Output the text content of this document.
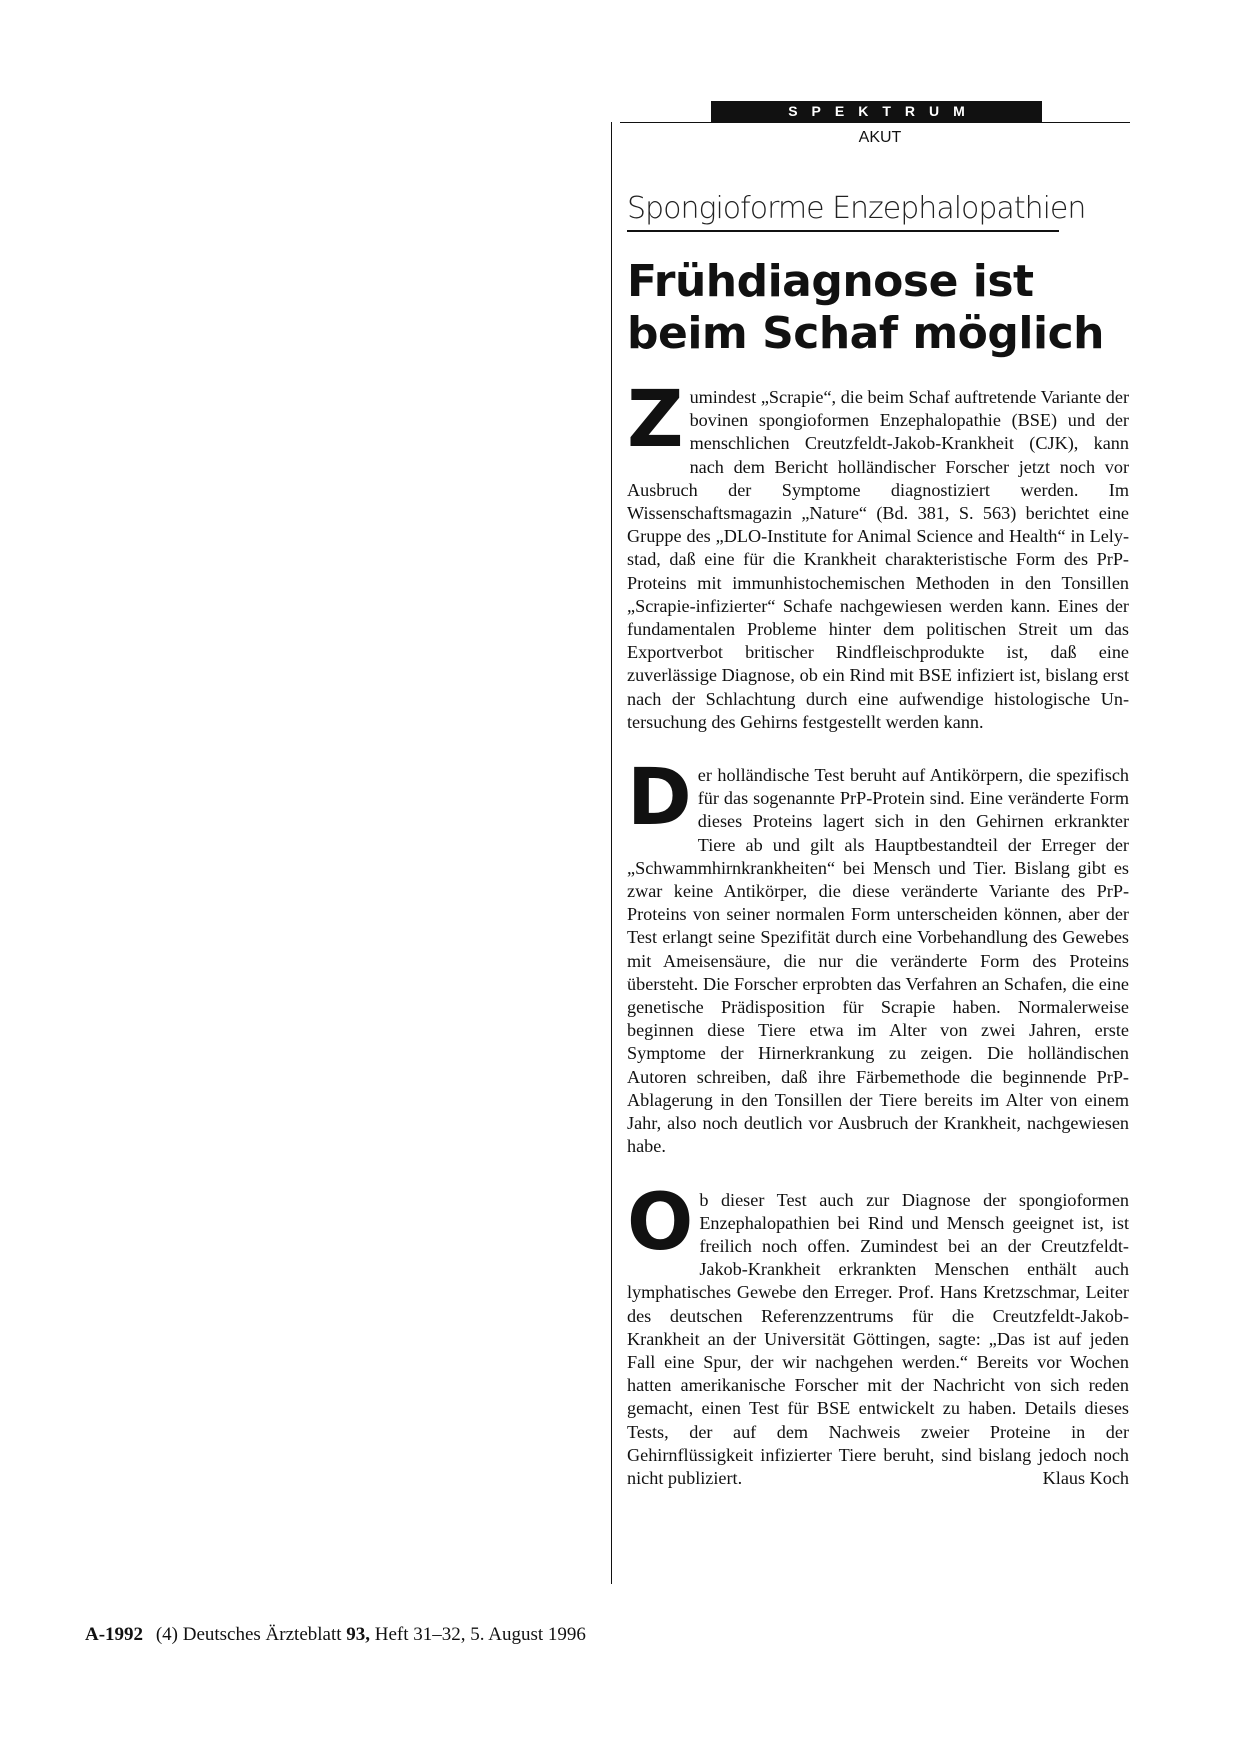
SPEKTRUM
AKUT
Spongioforme Enzephalopathien
Frühdiagnose ist beim Schaf möglich

Zumindest „Scrapie“, die beim Schaf auftretende Variante der bovinen spongioformen Enzephalopathie (BSE) und der menschlichen Creutzfeldt-Jakob-Krankheit (CJK), kann nach dem Bericht holländischer Forscher jetzt noch vor Ausbruch der Symptome diagnostiziert werden. Im Wissenschaftsmagazin „Nature“ (Bd. 381, S. 563) berichtet eine Gruppe des „DLO-Institute for Animal Science and Health“ in Lelystad, daß eine für die Krankheit charakteristische Form des PrP-Proteins mit immunhistochemischen Methoden in den Tonsillen „Scrapie-infizierter“ Schafe nachgewiesen werden kann. Eines der fundamentalen Probleme hinter dem politischen Streit um das Exportverbot britischer Rindfleischprodukte ist, daß eine zuverlässige Diagnose, ob ein Rind mit BSE infiziert ist, bislang erst nach der Schlachtung durch eine aufwendige histologische Untersuchung des Gehirns festgestellt werden kann.

Der holländische Test beruht auf Antikörpern, die spezifisch für das sogenannte PrP-Protein sind. Eine veränderte Form dieses Proteins lagert sich in den Gehirnen erkrankter Tiere ab und gilt als Hauptbestandteil der Erreger der „Schwammhirnkrankheiten“ bei Mensch und Tier. Bislang gibt es zwar keine Antikörper, die diese veränderte Variante des PrP-Proteins von seiner normalen Form unterscheiden können, aber der Test erlangt seine Spezifität durch eine Vorbehandlung des Gewebes mit Ameisensäure, die nur die veränderte Form des Proteins übersteht. Die Forscher erprobten das Verfahren an Schafen, die eine genetische Prädisposition für Scrapie haben. Normalerweise beginnen diese Tiere etwa im Alter von zwei Jahren, erste Symptome der Hirnerkrankung zu zeigen. Die holländischen Autoren schreiben, daß ihre Färbemethode die beginnende PrP-Ablagerung in den Tonsillen der Tiere bereits im Alter von einem Jahr, also noch deutlich vor Ausbruch der Krankheit, nachgewiesen habe.

Ob dieser Test auch zur Diagnose der spongioformen Enzephalopathien bei Rind und Mensch geeignet ist, ist freilich noch offen. Zumindest bei an der Creutzfeldt-Jakob-Krankheit erkrankten Menschen enthält auch lymphatisches Gewebe den Erreger. Prof. Hans Kretzschmar, Leiter des deutschen Referenzzentrums für die Creutzfeldt-Jakob-Krankheit an der Universität Göttingen, sagte: „Das ist auf jeden Fall eine Spur, der wir nachgehen werden.“ Bereits vor Wochen hatten amerikanische Forscher mit der Nachricht von sich reden gemacht, einen Test für BSE entwickelt zu haben. Details dieses Tests, der auf dem Nachweis zweier Proteine in der Gehirnflüssigkeit infizierter Tiere beruht, sind bislang jedoch noch nicht publiziert.	Klaus Koch

A-1992 (4) Deutsches Ärzteblatt 93, Heft 31–32, 5. August 1996
